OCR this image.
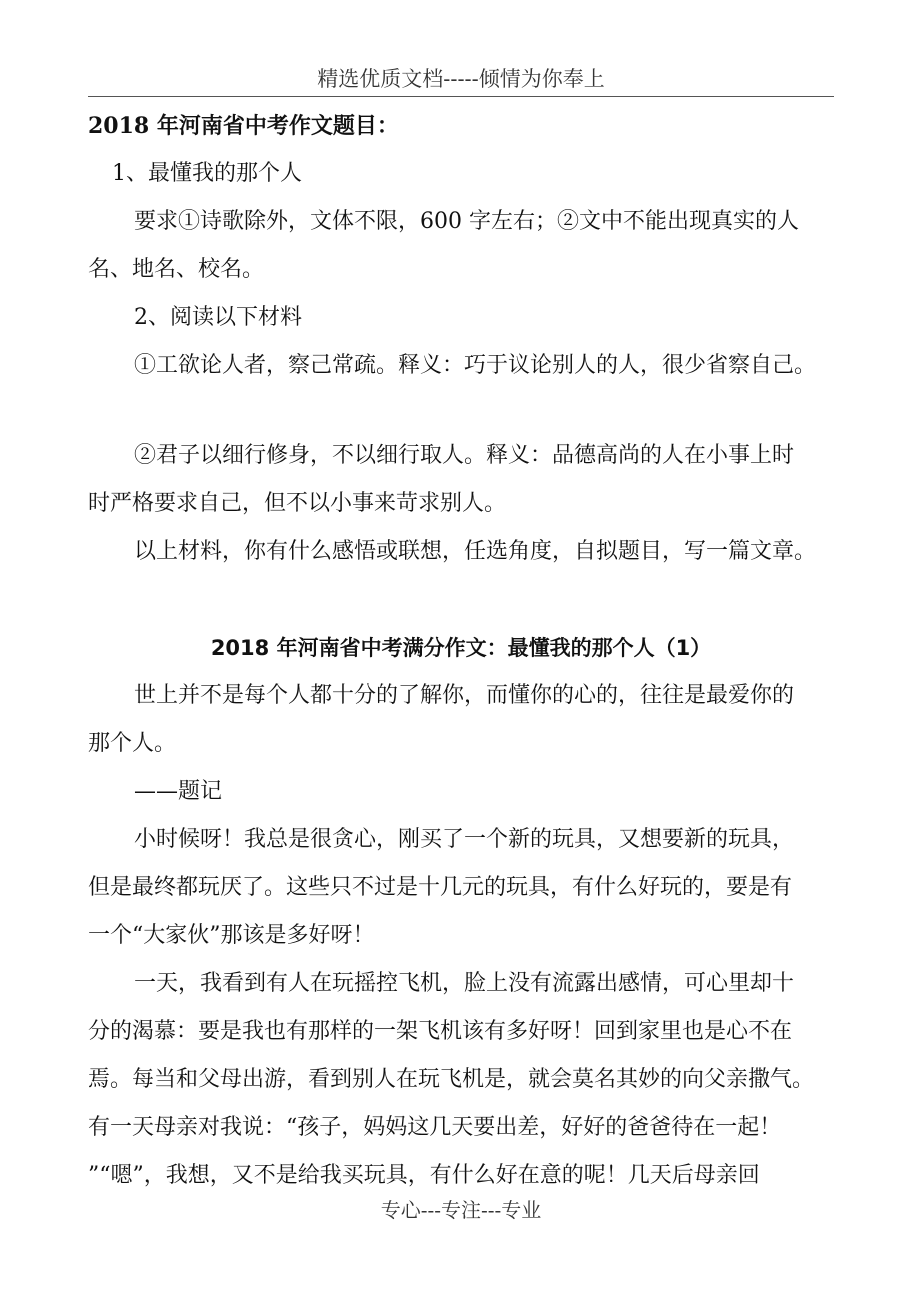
精选优质文档-----倾情为你奉上
2018 年河南省中考作文题目：
1、最懂我的那个人
要求①诗歌除外，文体不限，600 字左右；②文中不能出现真实的人
名、地名、校名。
2、阅读以下材料
①工欲论人者，察己常疏。释义：巧于议论别人的人，很少省察自己。
②君子以细行修身，不以细行取人。释义：品德高尚的人在小事上时
时严格要求自己，但不以小事来苛求别人。
以上材料，你有什么感悟或联想，任选角度，自拟题目，写一篇文章。
2018 年河南省中考满分作文：最懂我的那个人（1）
世上并不是每个人都十分的了解你，而懂你的心的，往往是最爱你的
那个人。
——题记
小时候呀！我总是很贪心，刚买了一个新的玩具，又想要新的玩具，
但是最终都玩厌了。这些只不过是十几元的玩具，有什么好玩的，要是有
一个“大家伙”那该是多好呀！
一天，我看到有人在玩摇控飞机，脸上没有流露出感情，可心里却十
分的渴慕：要是我也有那样的一架飞机该有多好呀！回到家里也是心不在
焉。每当和父母出游，看到别人在玩飞机是，就会莫名其妙的向父亲撒气。
有一天母亲对我说：“孩子，妈妈这几天要出差，好好的爸爸待在一起！
”“嗯”，我想，又不是给我买玩具，有什么好在意的呢！几天后母亲回
专心---专注---专业
